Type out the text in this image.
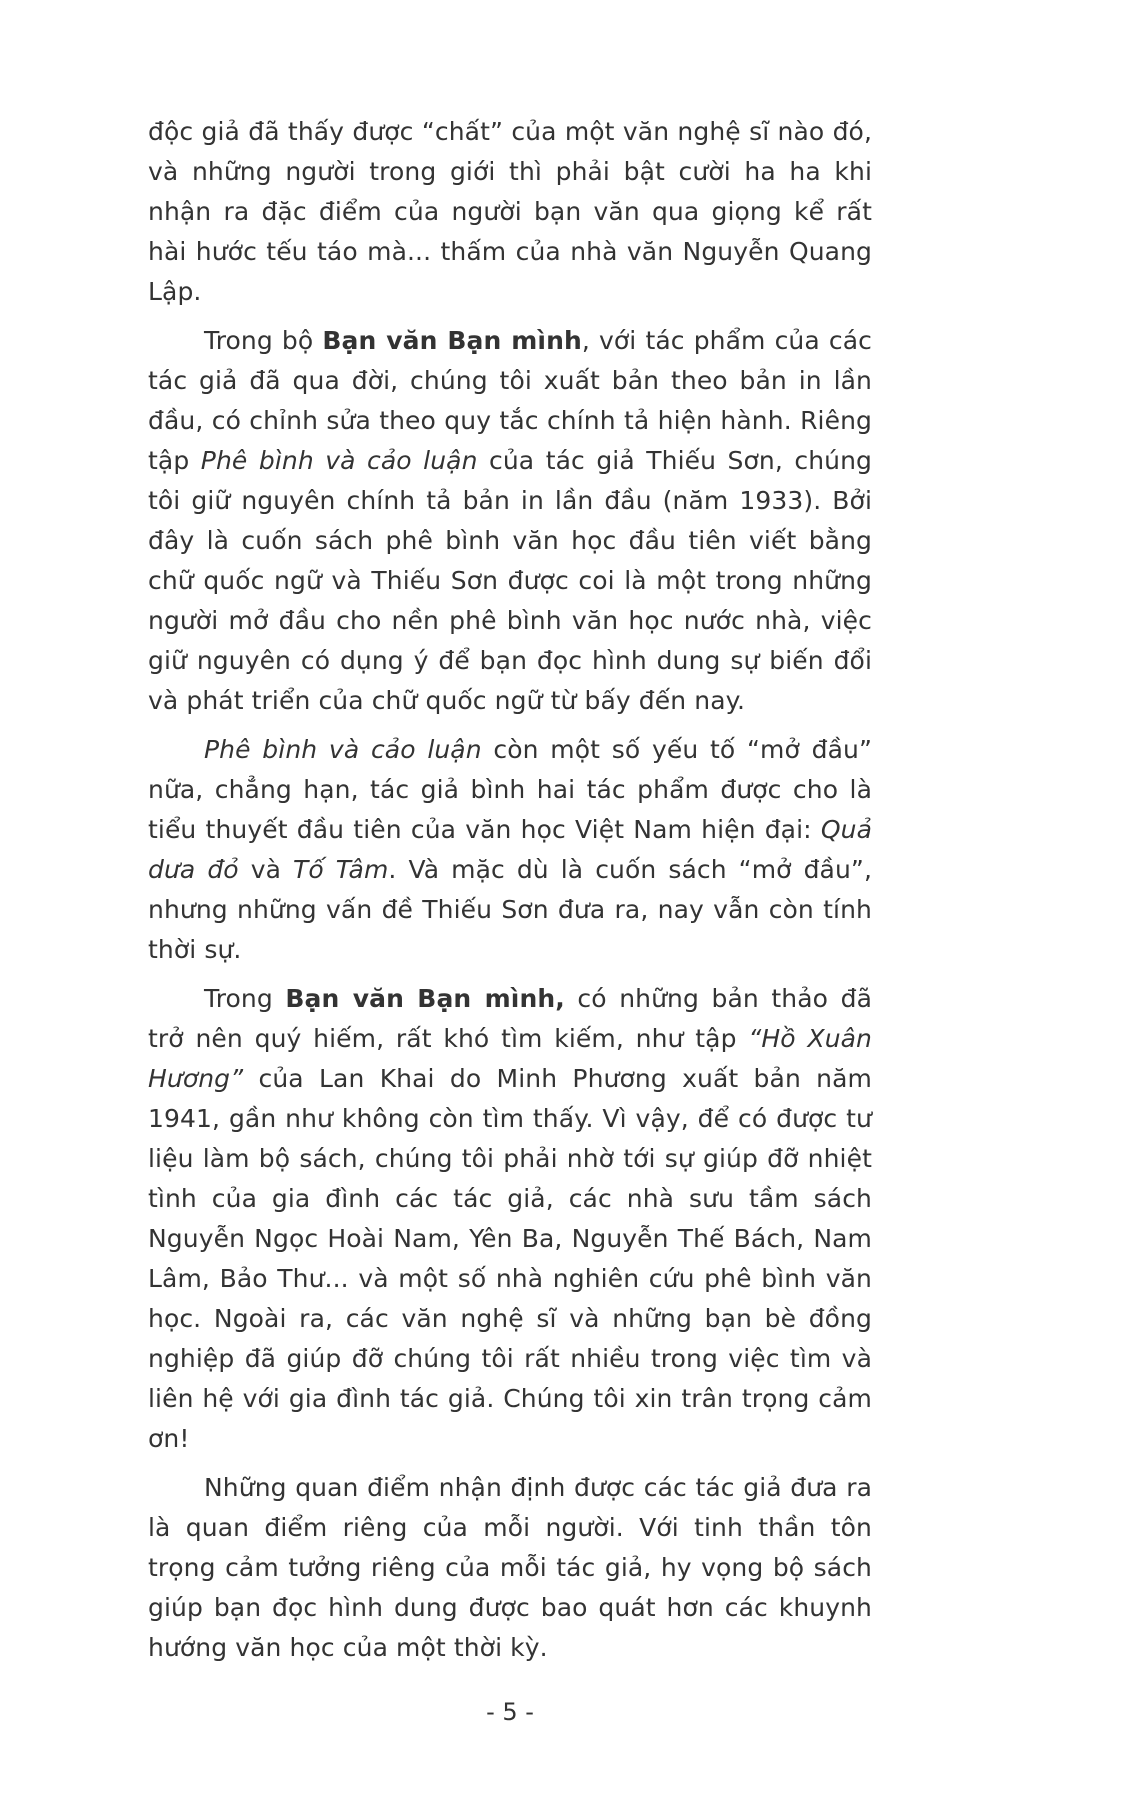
độc giả đã thấy được “chất” của một văn nghệ sĩ nào đó, và những người trong giới thì phải bật cười ha ha khi nhận ra đặc điểm của người bạn văn qua giọng kể rất hài hước tếu táo mà... thấm của nhà văn Nguyễn Quang Lập.

Trong bộ Bạn văn Bạn mình, với tác phẩm của các tác giả đã qua đời, chúng tôi xuất bản theo bản in lần đầu, có chỉnh sửa theo quy tắc chính tả hiện hành. Riêng tập Phê bình và cảo luận của tác giả Thiếu Sơn, chúng tôi giữ nguyên chính tả bản in lần đầu (năm 1933). Bởi đây là cuốn sách phê bình văn học đầu tiên viết bằng chữ quốc ngữ và Thiếu Sơn được coi là một trong những người mở đầu cho nền phê bình văn học nước nhà, việc giữ nguyên có dụng ý để bạn đọc hình dung sự biến đổi và phát triển của chữ quốc ngữ từ bấy đến nay.

Phê bình và cảo luận còn một số yếu tố “mở đầu” nữa, chẳng hạn, tác giả bình hai tác phẩm được cho là tiểu thuyết đầu tiên của văn học Việt Nam hiện đại: Quả dưa đỏ và Tố Tâm. Và mặc dù là cuốn sách “mở đầu”, nhưng những vấn đề Thiếu Sơn đưa ra, nay vẫn còn tính thời sự.

Trong Bạn văn Bạn mình, có những bản thảo đã trở nên quý hiếm, rất khó tìm kiếm, như tập “Hồ Xuân Hương” của Lan Khai do Minh Phương xuất bản năm 1941, gần như không còn tìm thấy. Vì vậy, để có được tư liệu làm bộ sách, chúng tôi phải nhờ tới sự giúp đỡ nhiệt tình của gia đình các tác giả, các nhà sưu tầm sách Nguyễn Ngọc Hoài Nam, Yên Ba, Nguyễn Thế Bách, Nam Lâm, Bảo Thư... và một số nhà nghiên cứu phê bình văn học. Ngoài ra, các văn nghệ sĩ và những bạn bè đồng nghiệp đã giúp đỡ chúng tôi rất nhiều trong việc tìm và liên hệ với gia đình tác giả. Chúng tôi xin trân trọng cảm ơn!

Những quan điểm nhận định được các tác giả đưa ra là quan điểm riêng của mỗi người. Với tinh thần tôn trọng cảm tưởng riêng của mỗi tác giả, hy vọng bộ sách giúp bạn đọc hình dung được bao quát hơn các khuynh hướng văn học của một thời kỳ.

- 5 -
